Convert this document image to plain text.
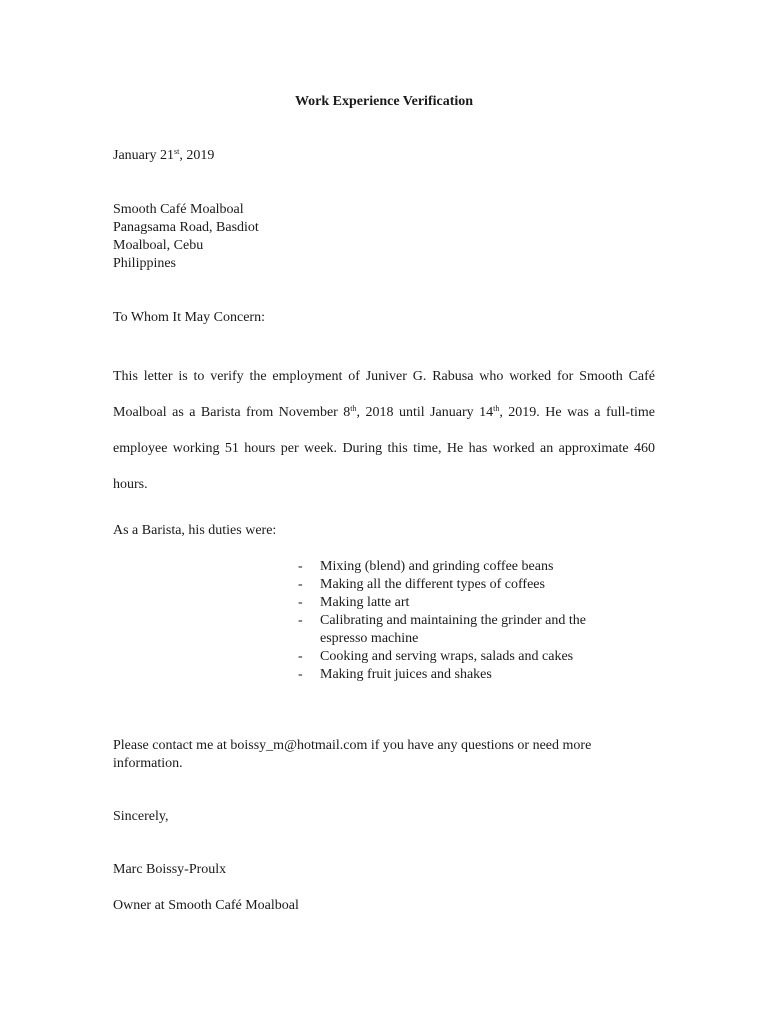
Work Experience Verification
January 21st, 2019
Smooth Café Moalboal
Panagsama Road, Basdiot
Moalboal, Cebu
Philippines
To Whom It May Concern:
This letter is to verify the employment of Juniver G. Rabusa who worked for Smooth Café Moalboal as a Barista from November 8th, 2018 until January 14th, 2019. He was a full-time employee working 51 hours per week. During this time, He has worked an approximate 460 hours.
As a Barista, his duties were:
- Mixing (blend) and grinding coffee beans
- Making all the different types of coffees
- Making latte art
- Calibrating and maintaining the grinder and the espresso machine
- Cooking and serving wraps, salads and cakes
- Making fruit juices and shakes
Please contact me at boissy_m@hotmail.com if you have any questions or need more information.
Sincerely,
Marc Boissy-Proulx
Owner at Smooth Café Moalboal
